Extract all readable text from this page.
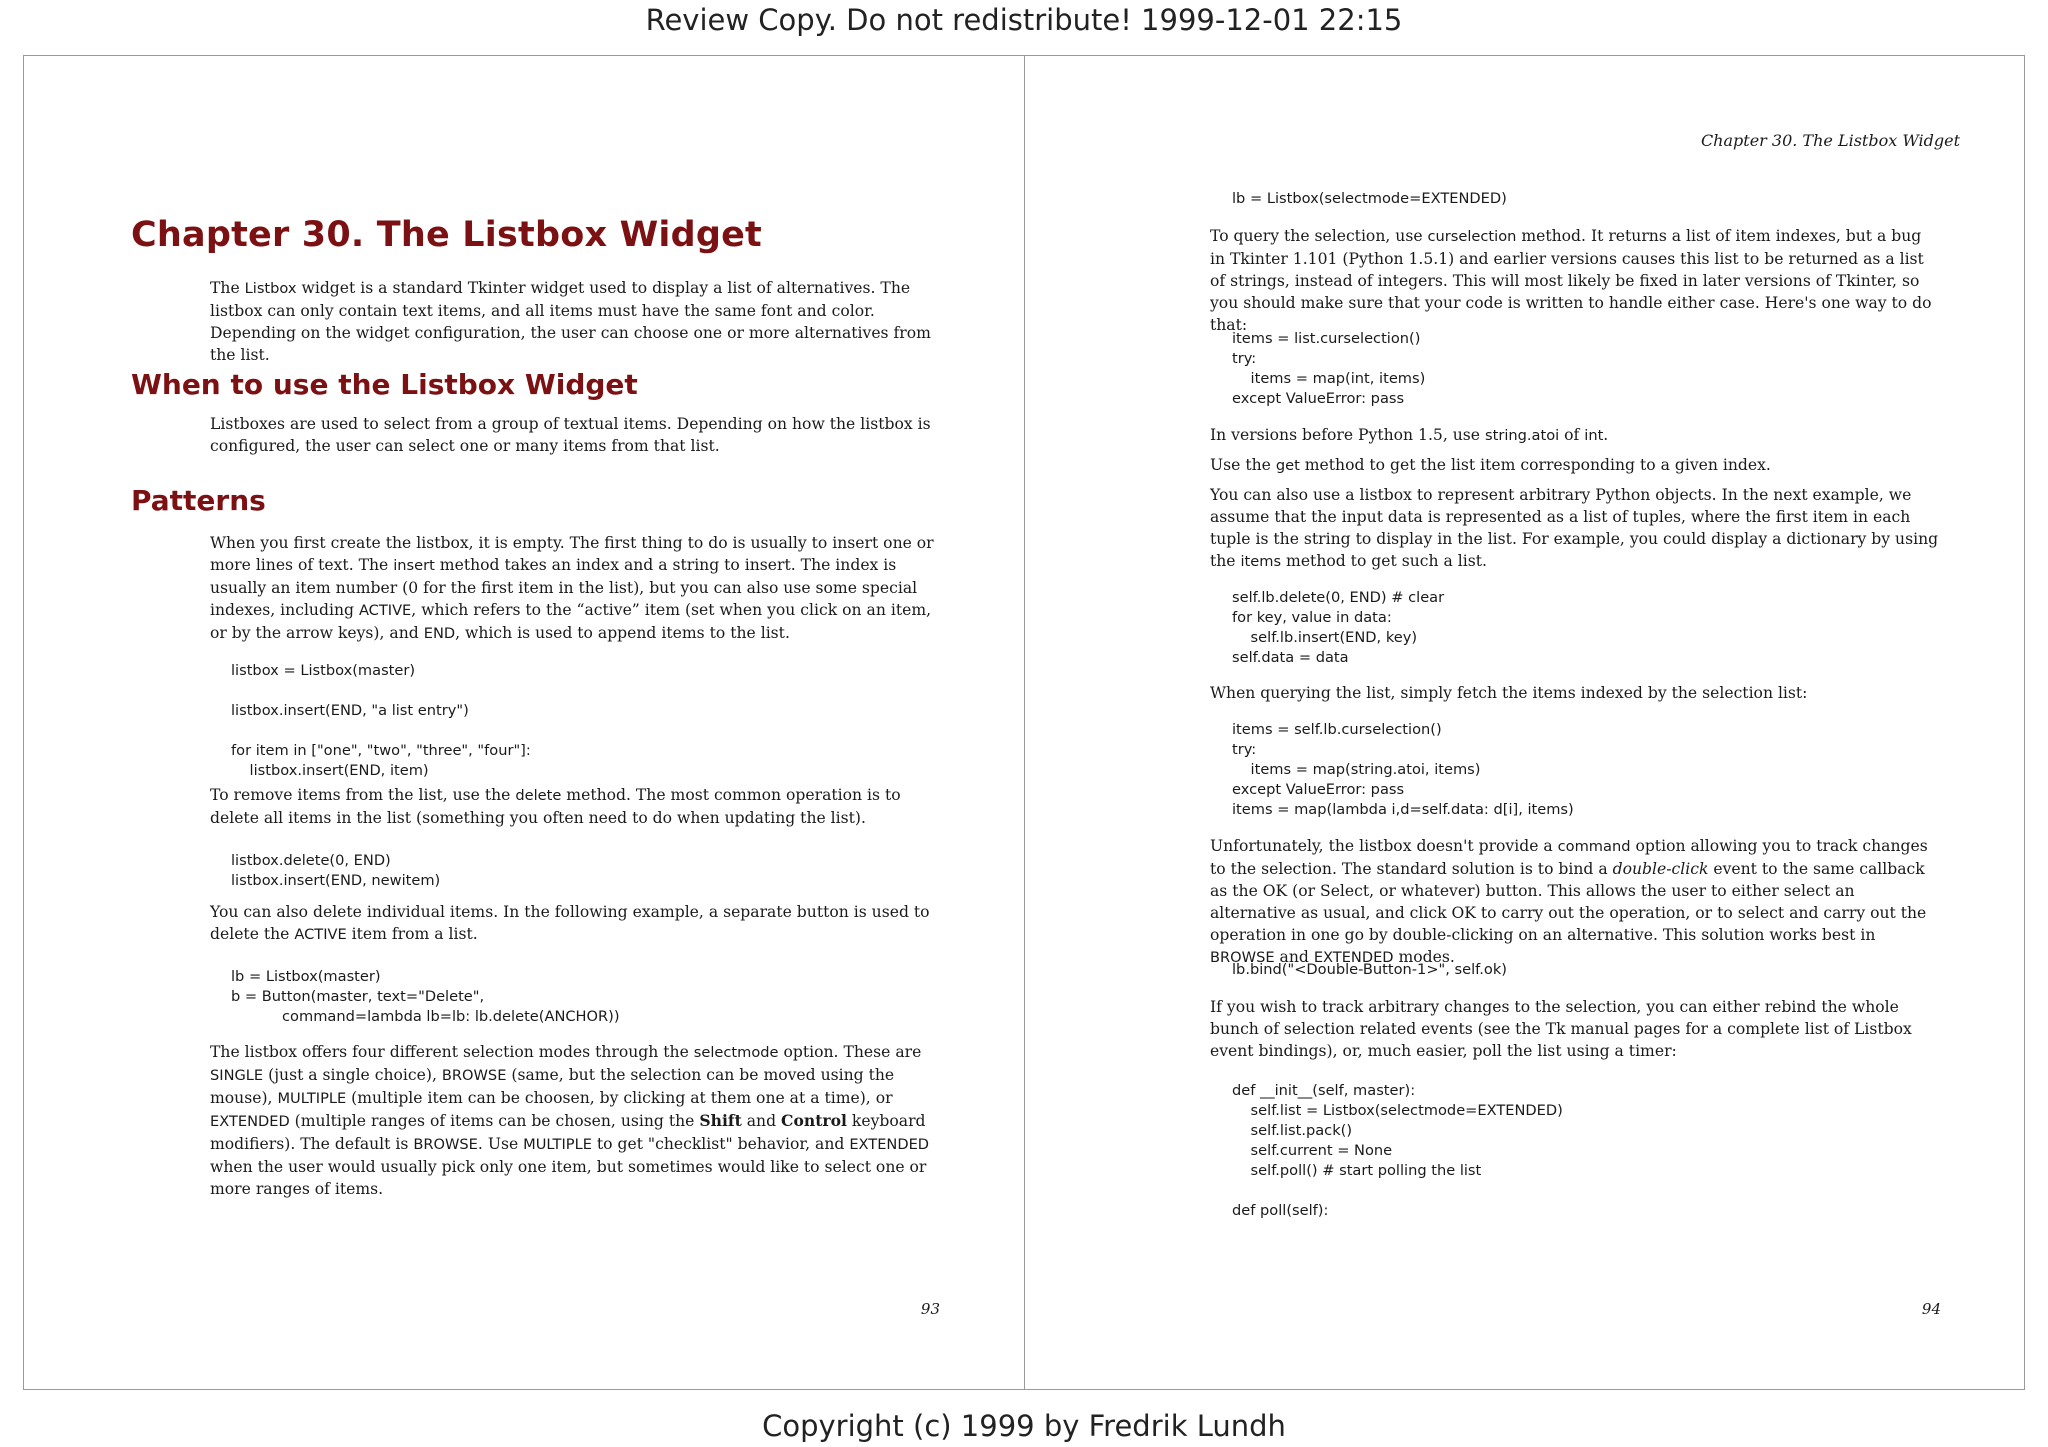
Review Copy. Do not redistribute! 1999-12-01 22:15
Chapter 30. The Listbox Widget

The Listbox widget is a standard Tkinter widget used to display a list of alternatives. The listbox can only contain text items, and all items must have the same font and color. Depending on the widget configuration, the user can choose one or more alternatives from the list.

When to use the Listbox Widget

Listboxes are used to select from a group of textual items. Depending on how the listbox is configured, the user can select one or many items from that list.

Patterns

When you first create the listbox, it is empty. The first thing to do is usually to insert one or more lines of text. The insert method takes an index and a string to insert. The index is usually an item number (0 for the first item in the list), but you can also use some special indexes, including ACTIVE, which refers to the “active” item (set when you click on an item, or by the arrow keys), and END, which is used to append items to the list.

listbox = Listbox(master)

listbox.insert(END, "a list entry")

for item in ["one", "two", "three", "four"]:
listbox.insert(END, item)

To remove items from the list, use the delete method. The most common operation is to delete all items in the list (something you often need to do when updating the list).

listbox.delete(0, END)
listbox.insert(END, newitem)

You can also delete individual items. In the following example, a separate button is used to delete the ACTIVE item from a list.

lb = Listbox(master)
b = Button(master, text="Delete",
command=lambda lb=lb: lb.delete(ANCHOR))

The listbox offers four different selection modes through the selectmode option. These are SINGLE (just a single choice), BROWSE (same, but the selection can be moved using the mouse), MULTIPLE (multiple item can be choosen, by clicking at them one at a time), or EXTENDED (multiple ranges of items can be chosen, using the Shift and Control keyboard modifiers). The default is BROWSE. Use MULTIPLE to get "checklist" behavior, and EXTENDED when the user would usually pick only one item, but sometimes would like to select one or more ranges of items.

93
Chapter 30. The Listbox Widget
lb = Listbox(selectmode=EXTENDED)

To query the selection, use curselection method. It returns a list of item indexes, but a bug in Tkinter 1.101 (Python 1.5.1) and earlier versions causes this list to be returned as a list of strings, instead of integers. This will most likely be fixed in later versions of Tkinter, so you should make sure that your code is written to handle either case. Here's one way to do that:

items = list.curselection()
try:
items = map(int, items)
except ValueError: pass

In versions before Python 1.5, use string.atoi of int.

Use the get method to get the list item corresponding to a given index.

You can also use a listbox to represent arbitrary Python objects. In the next example, we assume that the input data is represented as a list of tuples, where the first item in each tuple is the string to display in the list. For example, you could display a dictionary by using the items method to get such a list.

self.lb.delete(0, END) # clear
for key, value in data:
self.lb.insert(END, key)
self.data = data

When querying the list, simply fetch the items indexed by the selection list:

items = self.lb.curselection()
try:
items = map(string.atoi, items)
except ValueError: pass
items = map(lambda i,d=self.data: d[i], items)

Unfortunately, the listbox doesn't provide a command option allowing you to track changes to the selection. The standard solution is to bind a double-click event to the same callback as the OK (or Select, or whatever) button. This allows the user to either select an alternative as usual, and click OK to carry out the operation, or to select and carry out the operation in one go by double-clicking on an alternative. This solution works best in BROWSE and EXTENDED modes.

lb.bind("<Double-Button-1>", self.ok)

If you wish to track arbitrary changes to the selection, you can either rebind the whole bunch of selection related events (see the Tk manual pages for a complete list of Listbox event bindings), or, much easier, poll the list using a timer:

def __init__(self, master):
self.list = Listbox(selectmode=EXTENDED)
self.list.pack()
self.current = None
self.poll() # start polling the list

def poll(self):
94
Copyright (c) 1999 by Fredrik Lundh
